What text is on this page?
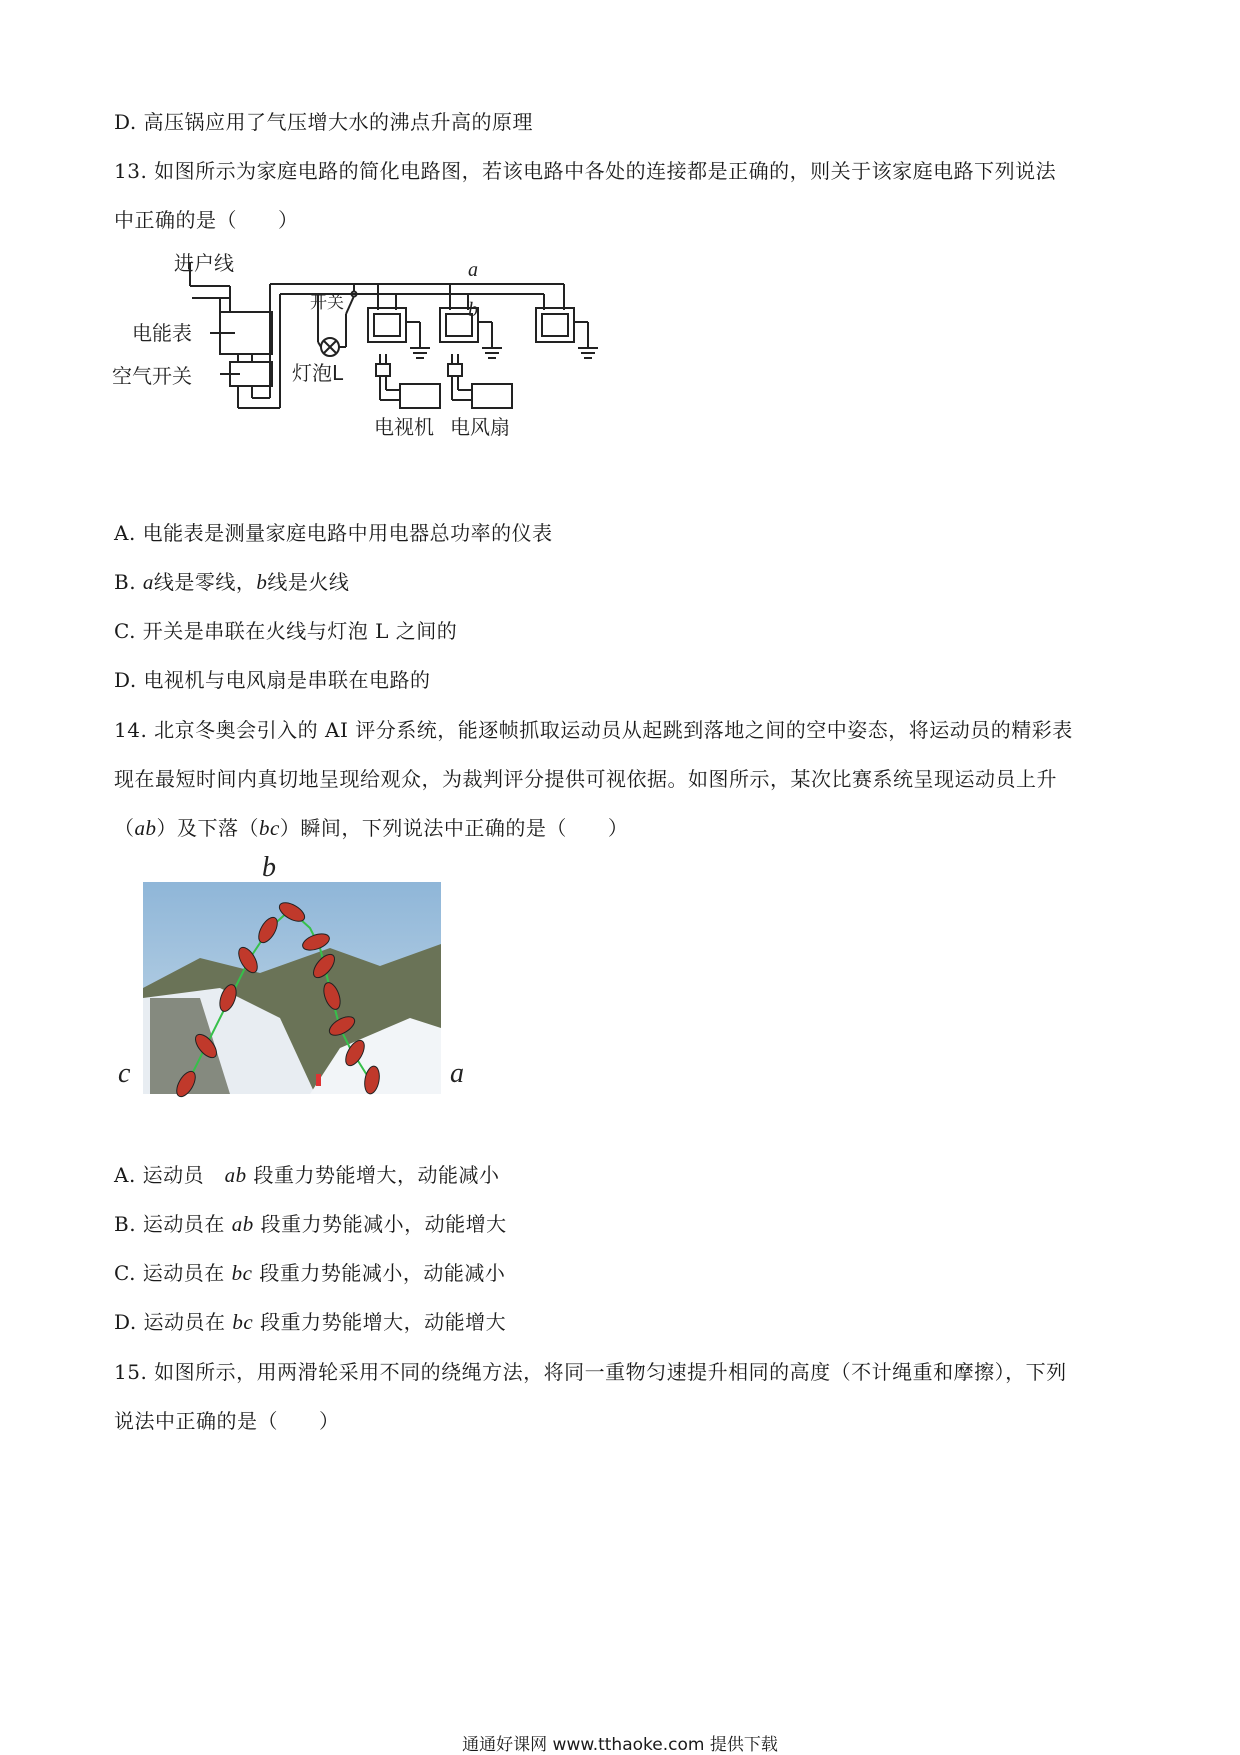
D. 高压锅应用了气压增大水的沸点升高的原理
13. 如图所示为家庭电路的简化电路图，若该电路中各处的连接都是正确的，则关于该家庭电路下列说法
中正确的是（　　）
进户线
电能表
空气开关
开关
灯泡L
电视机 电风扇
a
b
A. 电能表是测量家庭电路中用电器总功率的仪表
B. a线是零线，b线是火线
C. 开关是串联在火线与灯泡 L 之间的
D. 电视机与电风扇是串联在电路的
14. 北京冬奥会引入的 AI 评分系统，能逐帧抓取运动员从起跳到落地之间的空中姿态，将运动员的精彩表
现在最短时间内真切地呈现给观众，为裁判评分提供可视依据。如图所示，某次比赛系统呈现运动员上升
（ab）及下落（bc）瞬间，下列说法中正确的是（　　）
b
c	a
A. 运动员　ab 段重力势能增大，动能减小
B. 运动员在 ab 段重力势能减小，动能增大
C. 运动员在 bc 段重力势能减小，动能减小
D. 运动员在 bc 段重力势能增大，动能增大
15. 如图所示，用两滑轮采用不同的绕绳方法，将同一重物匀速提升相同的高度（不计绳重和摩擦），下列
说法中正确的是（　　）
通通好课网 www.tthaoke.com 提供下载
